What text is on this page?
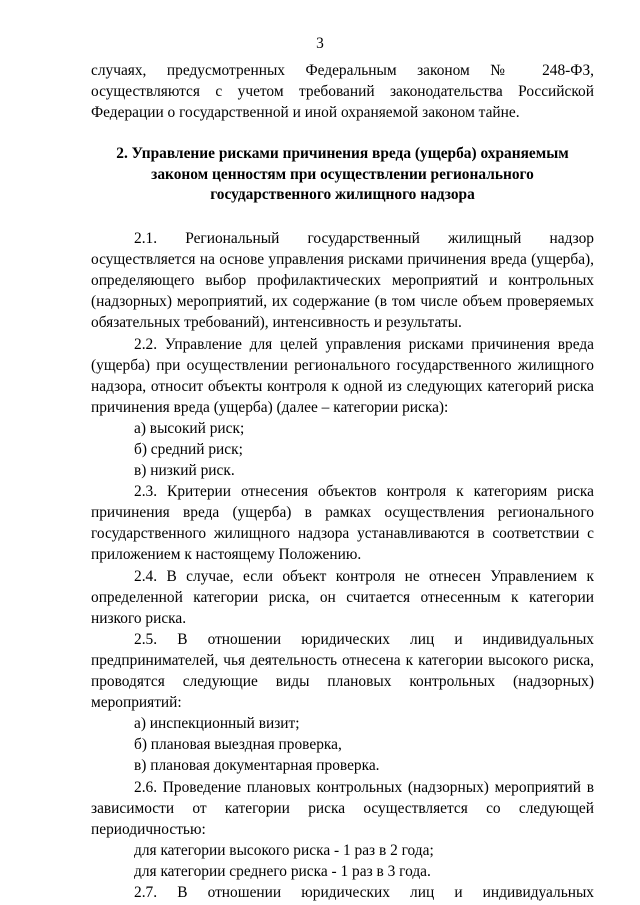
3

случаях, предусмотренных Федеральным законом № 248-ФЗ,

осуществляются с учетом требований законодательства Российской

Федерации о государственной и иной охраняемой законом тайне.

2. Управление рисками причинения вреда (ущерба) охраняемым
законом ценностям при осуществлении регионального
государственного жилищного надзора

2.1. Региональный государственный жилищный надзор осуществляется на основе управления рисками причинения вреда (ущерба), определяющего выбор профилактических мероприятий и контрольных (надзорных) мероприятий, их содержание (в том числе объем проверяемых обязательных требований), интенсивность и результаты.

2.2. Управление для целей управления рисками причинения вреда (ущерба) при осуществлении регионального государственного жилищного надзора, относит объекты контроля к одной из следующих категорий риска причинения вреда (ущерба) (далее – категории риска):

а) высокий риск;

б) средний риск;

в) низкий риск.

2.3. Критерии отнесения объектов контроля к категориям риска причинения вреда (ущерба) в рамках осуществления регионального государственного жилищного надзора устанавливаются в соответствии с приложением к настоящему Положению.

2.4. В случае, если объект контроля не отнесен Управлением к определенной категории риска, он считается отнесенным к категории низкого риска.

2.5. В отношении юридических лиц и индивидуальных предпринимателей, чья деятельность отнесена к категории высокого риска, проводятся следующие виды плановых контрольных (надзорных) мероприятий:

а) инспекционный визит;

б) плановая выездная проверка,

в) плановая документарная проверка.

2.6. Проведение плановых контрольных (надзорных) мероприятий в зависимости от категории риска осуществляется со следующей периодичностью:

для категории высокого риска - 1 раз в 2 года;

для категории среднего риска - 1 раз в 3 года.

2.7. В отношении юридических лиц и индивидуальных
